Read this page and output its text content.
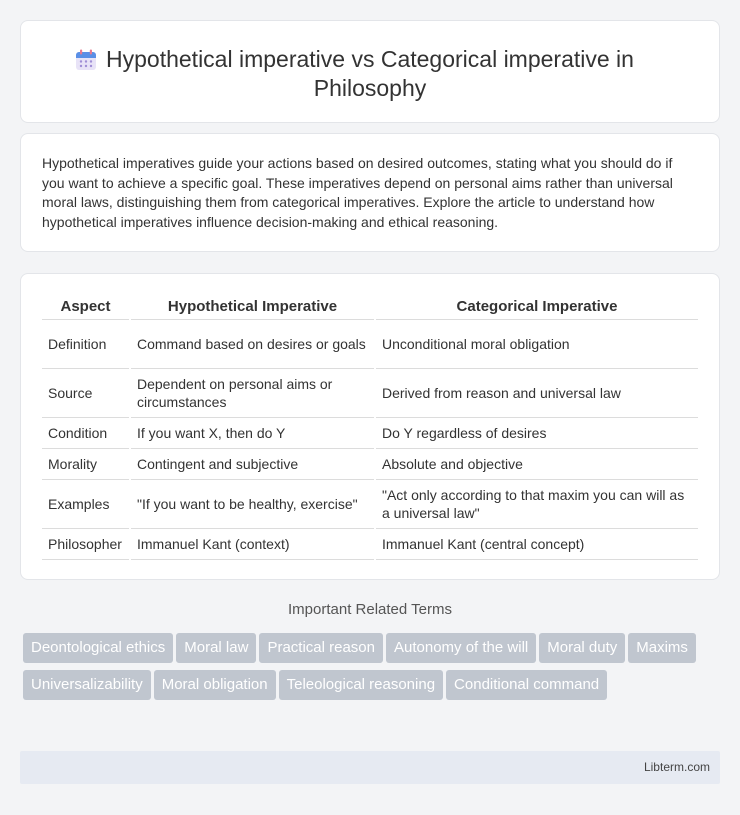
Hypothetical imperative vs Categorical imperative in Philosophy

Hypothetical imperatives guide your actions based on desired outcomes, stating what you should do if you want to achieve a specific goal. These imperatives depend on personal aims rather than universal moral laws, distinguishing them from categorical imperatives. Explore the article to understand how hypothetical imperatives influence decision-making and ethical reasoning.

Aspect	Hypothetical Imperative	Categorical Imperative
Definition	Command based on desires or goals	Unconditional moral obligation
Source	Dependent on personal aims or circumstances	Derived from reason and universal law
Condition	If you want X, then do Y	Do Y regardless of desires
Morality	Contingent and subjective	Absolute and objective
Examples	"If you want to be healthy, exercise"	"Act only according to that maxim you can will as a universal law"
Philosopher	Immanuel Kant (context)	Immanuel Kant (central concept)
Important Related Terms
Deontological ethics Moral law Practical reason Autonomy of the will Moral duty MaximsUniversalizability Moral obligation Teleological reasoning Conditional command
Libterm.com
